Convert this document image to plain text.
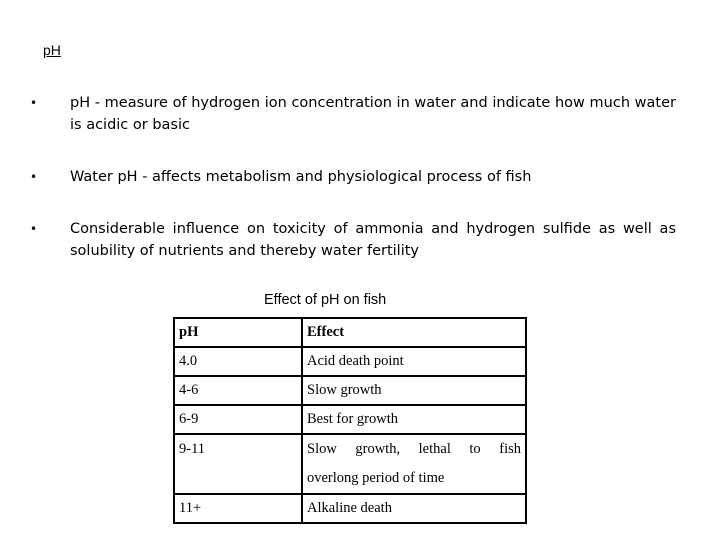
pH
• pH - measure of hydrogen ion concentration in water and indicate how much water is acidic or basic
• Water pH - affects metabolism and physiological process of fish
• Considerable influence on toxicity of ammonia and hydrogen sulfide as well as solubility of nutrients and thereby water fertility
Effect of pH on fish
pH	Effect
4.0	Acid death point
4-6	Slow growth
6-9	Best for growth
9-11	Slow growth, lethal to fish
overlong period of time

11+	Alkaline death
